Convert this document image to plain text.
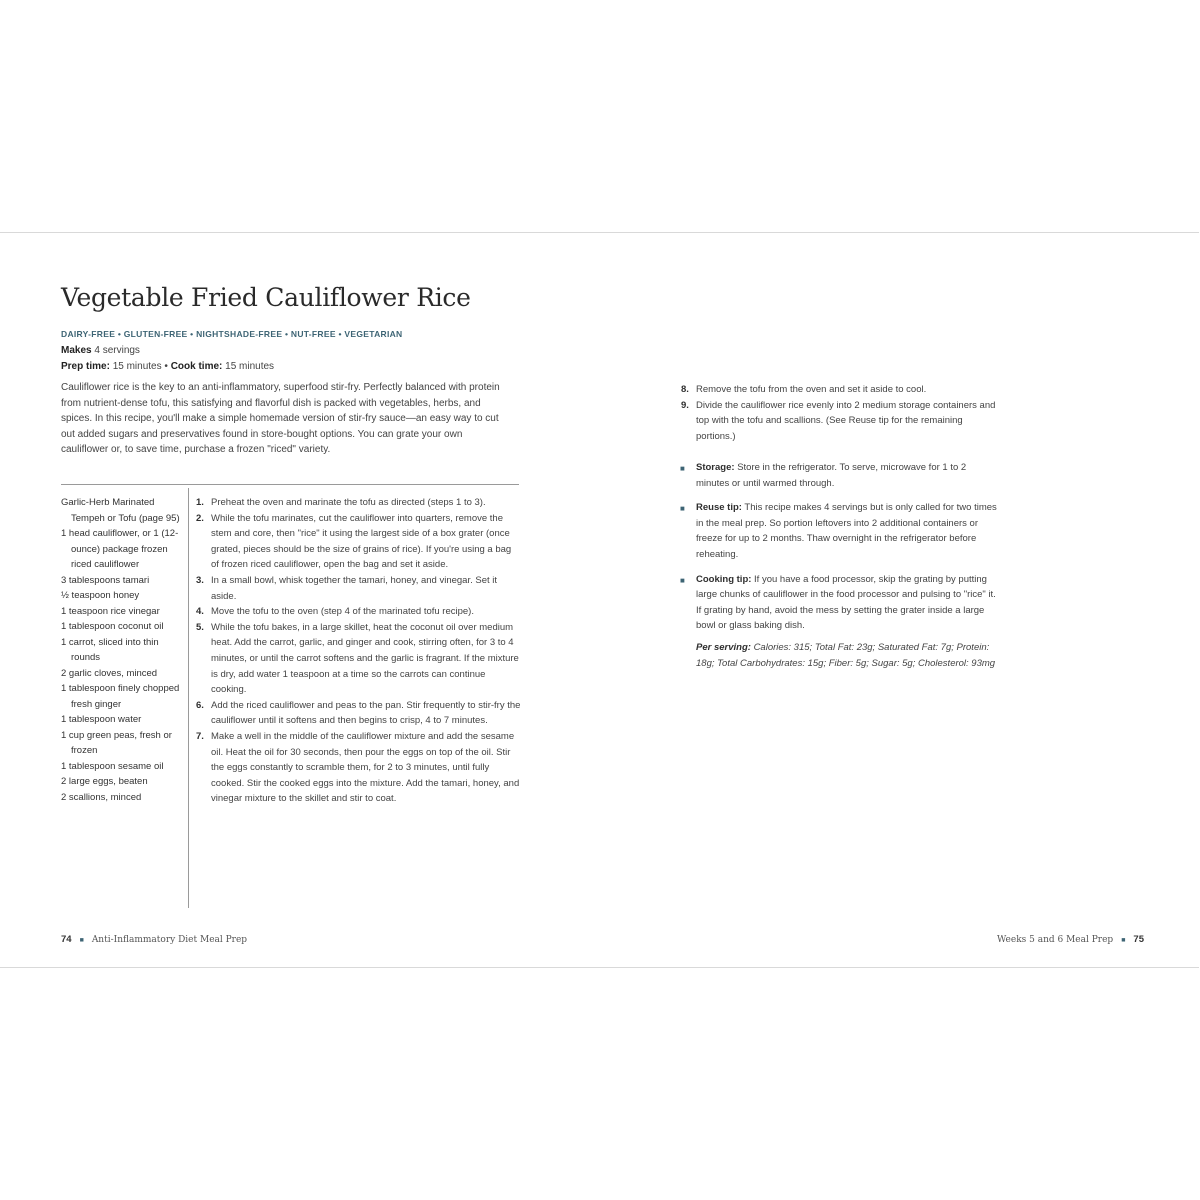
Vegetable Fried Cauliflower Rice
DAIRY-FREE • GLUTEN-FREE • NIGHTSHADE-FREE • NUT-FREE • VEGETARIAN
Makes 4 servings
Prep time: 15 minutes • Cook time: 15 minutes

Cauliflower rice is the key to an anti-inflammatory, superfood stir-fry. Perfectly balanced with protein from nutrient-dense tofu, this satisfying and flavorful dish is packed with vegetables, herbs, and spices. In this recipe, you'll make a simple homemade version of stir-fry sauce—an easy way to cut out added sugars and preservatives found in store-bought options. You can grate your own cauliflower or, to save time, purchase a frozen "riced" variety.

Garlic-Herb Marinated Tempeh or Tofu (page 95)
1 head cauliflower, or 1 (12-ounce) package frozen riced cauliflower
3 tablespoons tamari
½ teaspoon honey
1 teaspoon rice vinegar
1 tablespoon coconut oil
1 carrot, sliced into thin rounds
2 garlic cloves, minced
1 tablespoon finely chopped fresh ginger
1 tablespoon water
1 cup green peas, fresh or frozen
1 tablespoon sesame oil
2 large eggs, beaten
2 scallions, minced
1. Preheat the oven and marinate the tofu as directed (steps 1 to 3).
2. While the tofu marinates, cut the cauliflower into quarters, remove the stem and core, then "rice" it using the largest side of a box grater (once grated, pieces should be the size of grains of rice). If you're using a bag of frozen riced cauliflower, open the bag and set it aside.
3. In a small bowl, whisk together the tamari, honey, and vinegar. Set it aside.
4. Move the tofu to the oven (step 4 of the marinated tofu recipe).
5. While the tofu bakes, in a large skillet, heat the coconut oil over medium heat. Add the carrot, garlic, and ginger and cook, stirring often, for 3 to 4 minutes, or until the carrot softens and the garlic is fragrant. If the mixture is dry, add water 1 teaspoon at a time so the carrots can continue cooking.
6. Add the riced cauliflower and peas to the pan. Stir frequently to stir-fry the cauliflower until it softens and then begins to crisp, 4 to 7 minutes.
7. Make a well in the middle of the cauliflower mixture and add the sesame oil. Heat the oil for 30 seconds, then pour the eggs on top of the oil. Stir the eggs constantly to scramble them, for 2 to 3 minutes, until fully cooked. Stir the cooked eggs into the mixture. Add the tamari, honey, and vinegar mixture to the skillet and stir to coat.
8. Remove the tofu from the oven and set it aside to cool.
9. Divide the cauliflower rice evenly into 2 medium storage containers and top with the tofu and scallions. (See Reuse tip for the remaining portions.)
■	Storage: Store in the refrigerator. To serve, microwave for 1 to 2 minutes or until warmed through.
■	Reuse tip: This recipe makes 4 servings but is only called for two times in the meal prep. So portion leftovers into 2 additional containers or freeze for up to 2 months. Thaw overnight in the refrigerator before reheating.
■	Cooking tip: If you have a food processor, skip the grating by putting large chunks of cauliflower in the food processor and pulsing to "rice" it. If grating by hand, avoid the mess by setting the grater inside a large bowl or glass baking dish.

Per serving: Calories: 315; Total Fat: 23g; Saturated Fat: 7g; Protein: 18g; Total Carbohydrates: 15g; Fiber: 5g; Sugar: 5g; Cholesterol: 93mg

74 ■ Anti-Inflammatory Diet Meal Prep	Weeks 5 and 6 Meal Prep ■ 75
